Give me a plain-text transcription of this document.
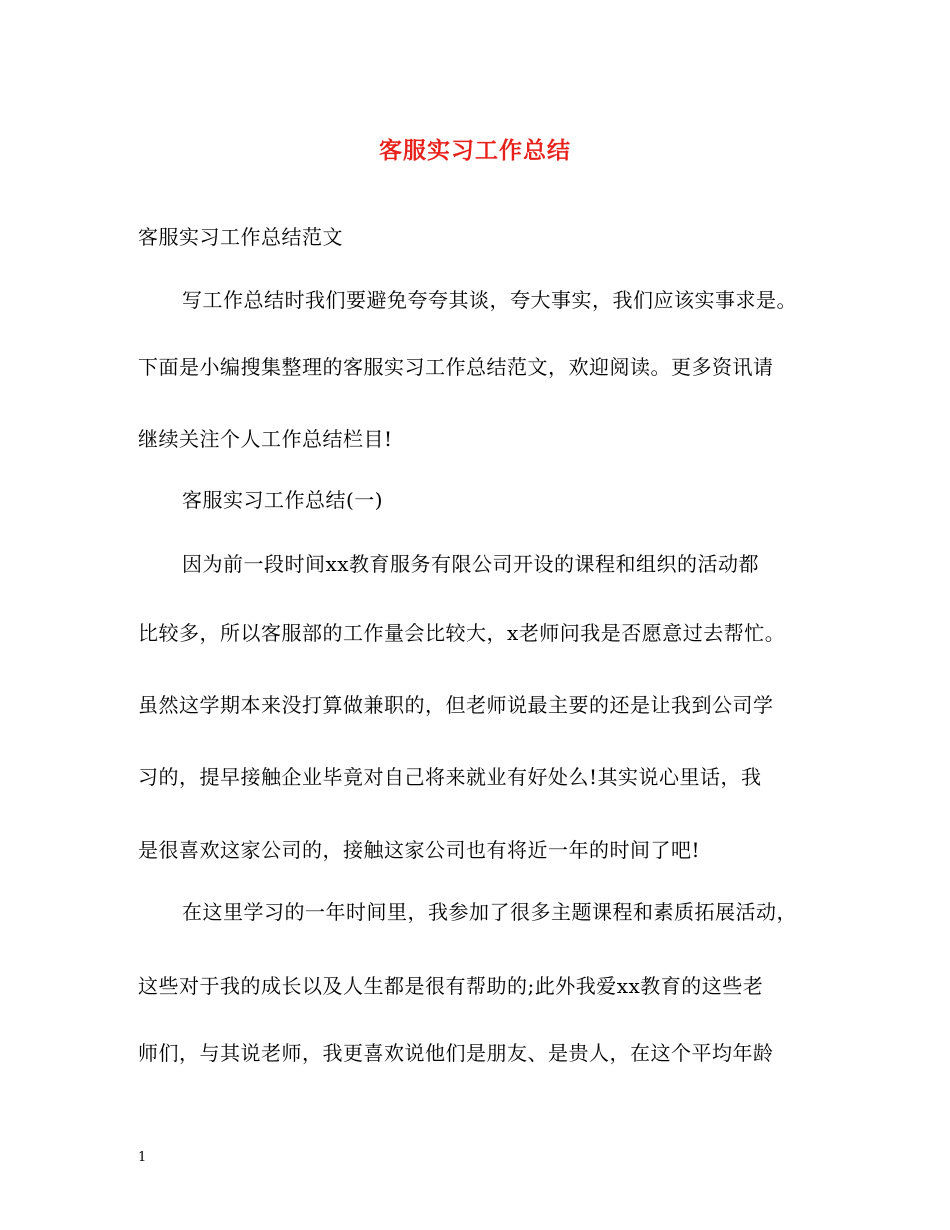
客服实习工作总结
客服实习工作总结范文
写工作总结时我们要避免夸夸其谈，夸大事实，我们应该实事求是。
下面是小编搜集整理的客服实习工作总结范文，欢迎阅读。更多资讯请
继续关注个人工作总结栏目!
客服实习工作总结(一)
因为前一段时间xx教育服务有限公司开设的课程和组织的活动都
比较多，所以客服部的工作量会比较大，x老师问我是否愿意过去帮忙。
虽然这学期本来没打算做兼职的，但老师说最主要的还是让我到公司学
习的，提早接触企业毕竟对自己将来就业有好处么!其实说心里话，我
是很喜欢这家公司的，接触这家公司也有将近一年的时间了吧!
在这里学习的一年时间里，我参加了很多主题课程和素质拓展活动，
这些对于我的成长以及人生都是很有帮助的;此外我爱xx教育的这些老
师们，与其说老师，我更喜欢说他们是朋友、是贵人，在这个平均年龄
1
